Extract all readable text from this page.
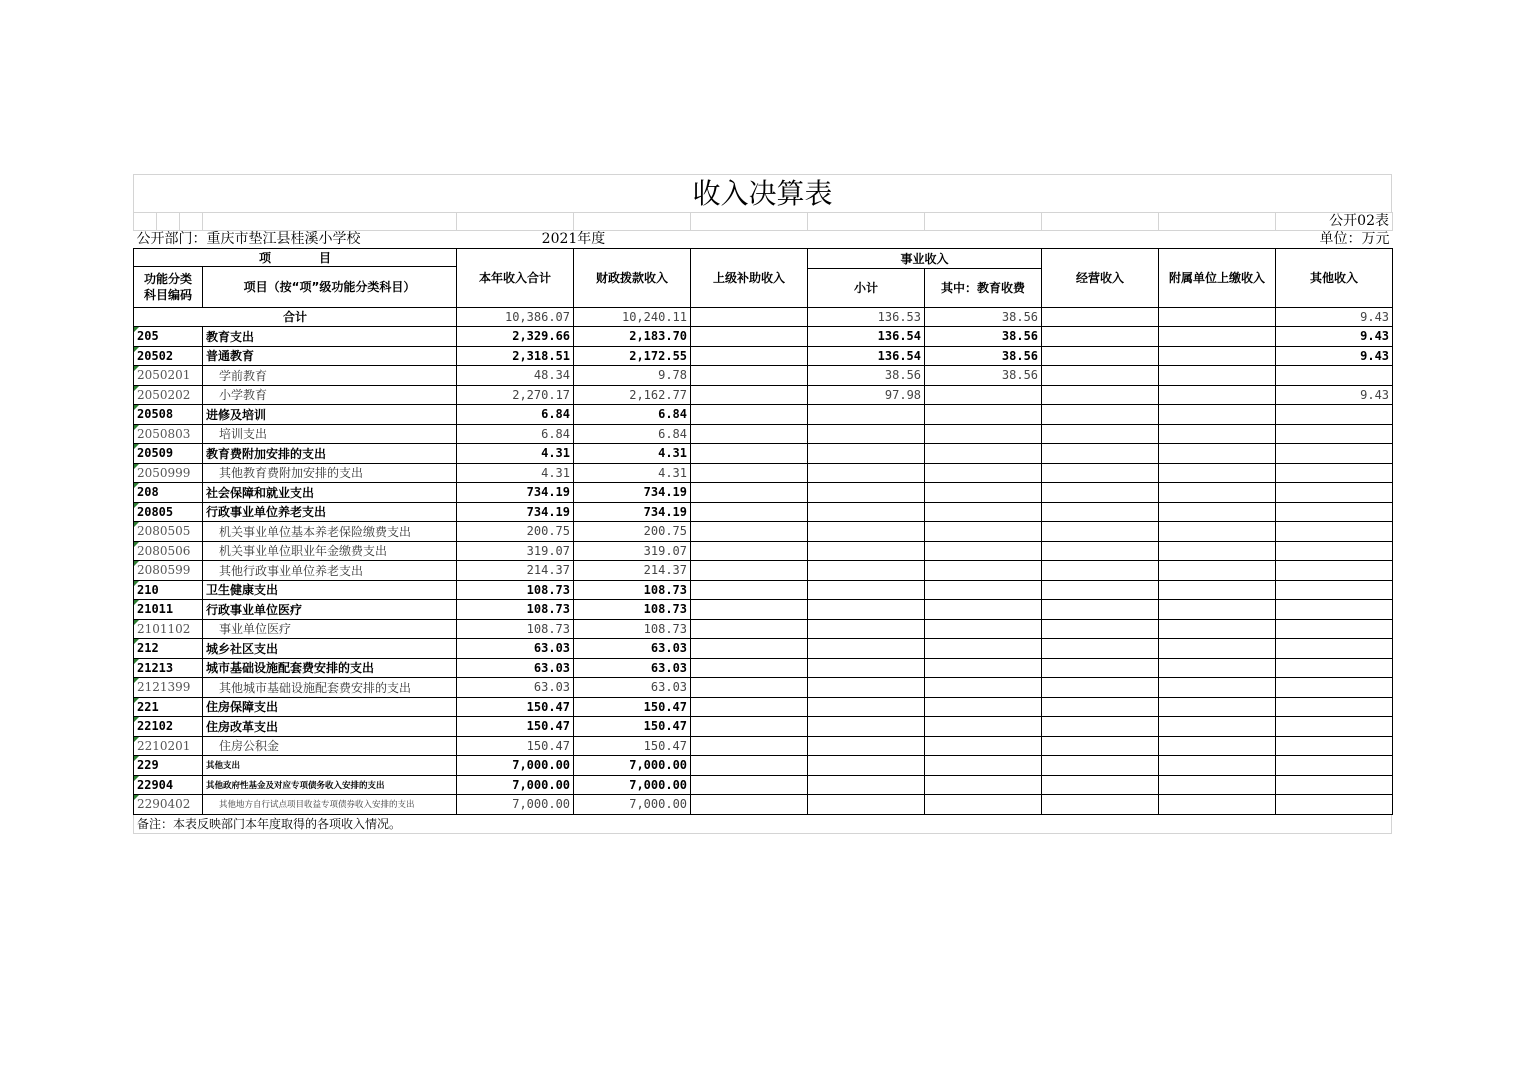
收入决算表
											公开02表
公开部门：重庆市垫江县桂溪小学校				2021年度							单位：万元
项　　　　目		本年收入合计	财政拨款收入	上级补助收入	事业收入		经营收入	附属单位上缴收入	其他收入
功能分类
科目编码	项目（按“项”级功能分类科目）								
					小计	其中：教育收费			
合计		10,386.07	10,240.11		136.53	38.56			9.43
205	教育支出	2,329.66	2,183.70		136.54	38.56			9.43
20502	普通教育	2,318.51	2,172.55		136.54	38.56			9.43
2050201	学前教育	48.34	9.78		38.56	38.56			
2050202	小学教育	2,270.17	2,162.77		97.98				9.43
20508	进修及培训	6.84	6.84						
2050803	培训支出	6.84	6.84						
20509	教育费附加安排的支出	4.31	4.31						
2050999	其他教育费附加安排的支出	4.31	4.31						
208	社会保障和就业支出	734.19	734.19						
20805	行政事业单位养老支出	734.19	734.19						
2080505	机关事业单位基本养老保险缴费支出	200.75	200.75						
2080506	机关事业单位职业年金缴费支出	319.07	319.07						
2080599	其他行政事业单位养老支出	214.37	214.37						
210	卫生健康支出	108.73	108.73						
21011	行政事业单位医疗	108.73	108.73						
2101102	事业单位医疗	108.73	108.73						
212	城乡社区支出	63.03	63.03						
21213	城市基础设施配套费安排的支出	63.03	63.03						
2121399	其他城市基础设施配套费安排的支出	63.03	63.03						
221	住房保障支出	150.47	150.47						
22102	住房改革支出	150.47	150.47						
2210201	住房公积金	150.47	150.47						
229	其他支出	7,000.00	7,000.00						
22904	其他政府性基金及对应专项债务收入安排的支出	7,000.00	7,000.00						
2290402	其他地方自行试点项目收益专项债券收入安排的支出	7,000.00	7,000.00						
备注：本表反映部门本年度取得的各项收入情况。
